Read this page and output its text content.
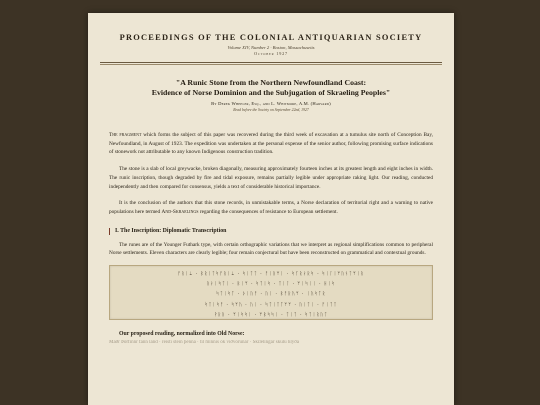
PROCEEDINGS OF THE COLONIAL ANTIQUARIAN SOCIETY
Volume XIV, Number 2 · Boston, Massachusetts
October 1927
"A Runic Stone from the Northern Newfoundland Coast:
Evidence of Norse Dominion and the Subjugation of Skraeling Peoples"
By Derek Wheeler, Esq., and L. Whitmore, A.M. (Harvard)
Read before the Society on September 22nd, 1927

The fragment which forms the subject of this paper was recovered during the third week of excavation at a tumulus site north of Conception Bay, Newfoundland, in August of 1923. The expedition was undertaken at the personal expense of the senior author, following promising surface indications of stonework not attributable to any known Indigenous construction tradition.

The stone is a slab of local greywacke, broken diagonally, measuring approximately fourteen inches at its greatest length and eight inches in width. The runic inscription, though degraded by fire and tidal exposure, remains partially legible under appropriate raking light. Our reading, conducted independently and then compared for consensus, yields a text of considerable historical importance.

It is the conclusion of the authors that this stone records, in unmistakable terms, a Norse declaration of territorial right and a warning to native populations here termed And-Skraelings regarding the consequences of resistance to European settlement.

I. The Inscription: Diplomatic Transcription

The runes are of the Younger Futhark type, with certain orthographic variations that we interpret as regional simplifications common to peripheral Norse settlements. Eleven characters are clearly legible; four remain conjectural but have been reconstructed on grammatical and contextual grounds.

ᚠᚱᛁᛦ · ᛒᚱᛁᛏᛋᚠᚱᛁᛦ · ᛋᛁᛏᛏ · ᚠᛁᚱᛘᛁ · ᛋᚴᚱᛅᚱᛋ · ᛋᛁᛚᛁᛘᚢᚾᛏᛘᛁᚱ
ᚱᛅᛁᛋᛏᛁ · ᛒᛁᛘ · ᛋᛏᛁᛋ · ᛏᛁᛚ · ᛘᛁᛋᛁᛁ · ᚺᛁᛋ
ᛋᛏᛁᛋᛏ · ᚦᛁᚢᚠ · ᚢᛁ · ᛒᚠᚱᚢᛘ · ᛁᚢᛋᛏᚱ
ᛋᛏᛁᛋᚠ · ᛋᛘᚢ · ᚢᛁ · ᛋᛏᛁᛏᛏᛘᛘ · ᚢᛁᛏᛁ · ᚠᛁᛏᛏ
ᚹᚱᚱ · ᛘᛁᛋᛋᛁ · ᛘᛒᛋᛋᛁ · ᛏᛁᛏ · ᛋᛏᛁᚱᚢᛏ
Our proposed reading, normalized into Old Norse:
Maðr Þórfinnr fann land · reisti stein þenna · til minnis ok viðvörunar · Skrælingar skulu hlýða
